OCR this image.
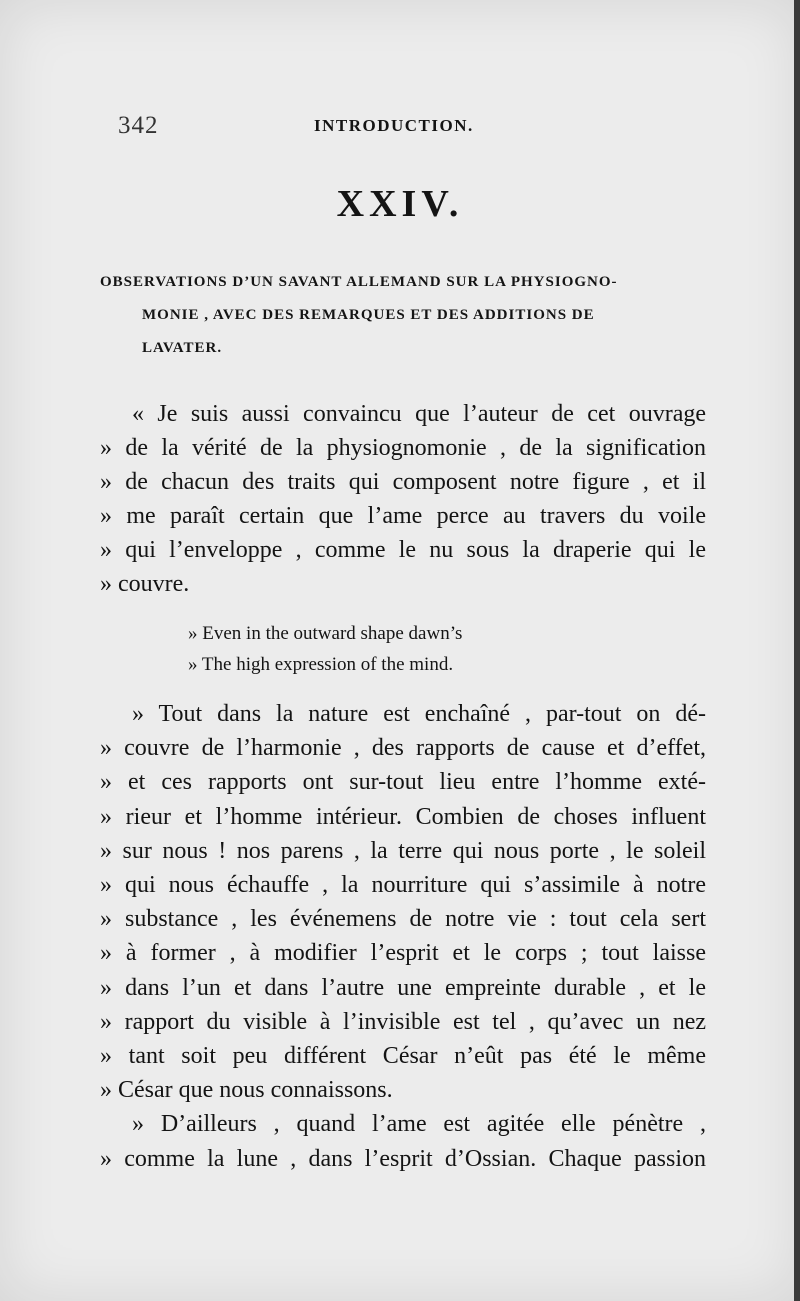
342	INTRODUCTION.
XXIV.
OBSERVATIONS D’UN SAVANT ALLEMAND SUR LA PHYSIOGNO-
MONIE , AVEC DES REMARQUES ET DES ADDITIONS DE
LAVATER.
« Je suis aussi convaincu que l’auteur de cet ouvrage
» de la vérité de la physiognomonie , de la signification
» de chacun des traits qui composent notre figure , et il
» me paraît certain que l’ame perce au travers du voile
» qui l’enveloppe , comme le nu sous la draperie qui le
» couvre.
» Even in the outward shape dawn’s
» The high expression of the mind.
» Tout dans la nature est enchaîné , par-tout on dé-
» couvre de l’harmonie , des rapports de cause et d’effet,
» et ces rapports ont sur-tout lieu entre l’homme exté-
» rieur et l’homme intérieur. Combien de choses influent
» sur nous ! nos parens , la terre qui nous porte , le soleil
» qui nous échauffe , la nourriture qui s’assimile à notre
» substance , les événemens de notre vie : tout cela sert
» à former , à modifier l’esprit et le corps ; tout laisse
» dans l’un et dans l’autre une empreinte durable , et le
» rapport du visible à l’invisible est tel , qu’avec un nez
» tant soit peu différent César n’eût pas été le même
» César que nous connaissons.
» D’ailleurs , quand l’ame est agitée elle pénètre ,
» comme la lune , dans l’esprit d’Ossian. Chaque passion
